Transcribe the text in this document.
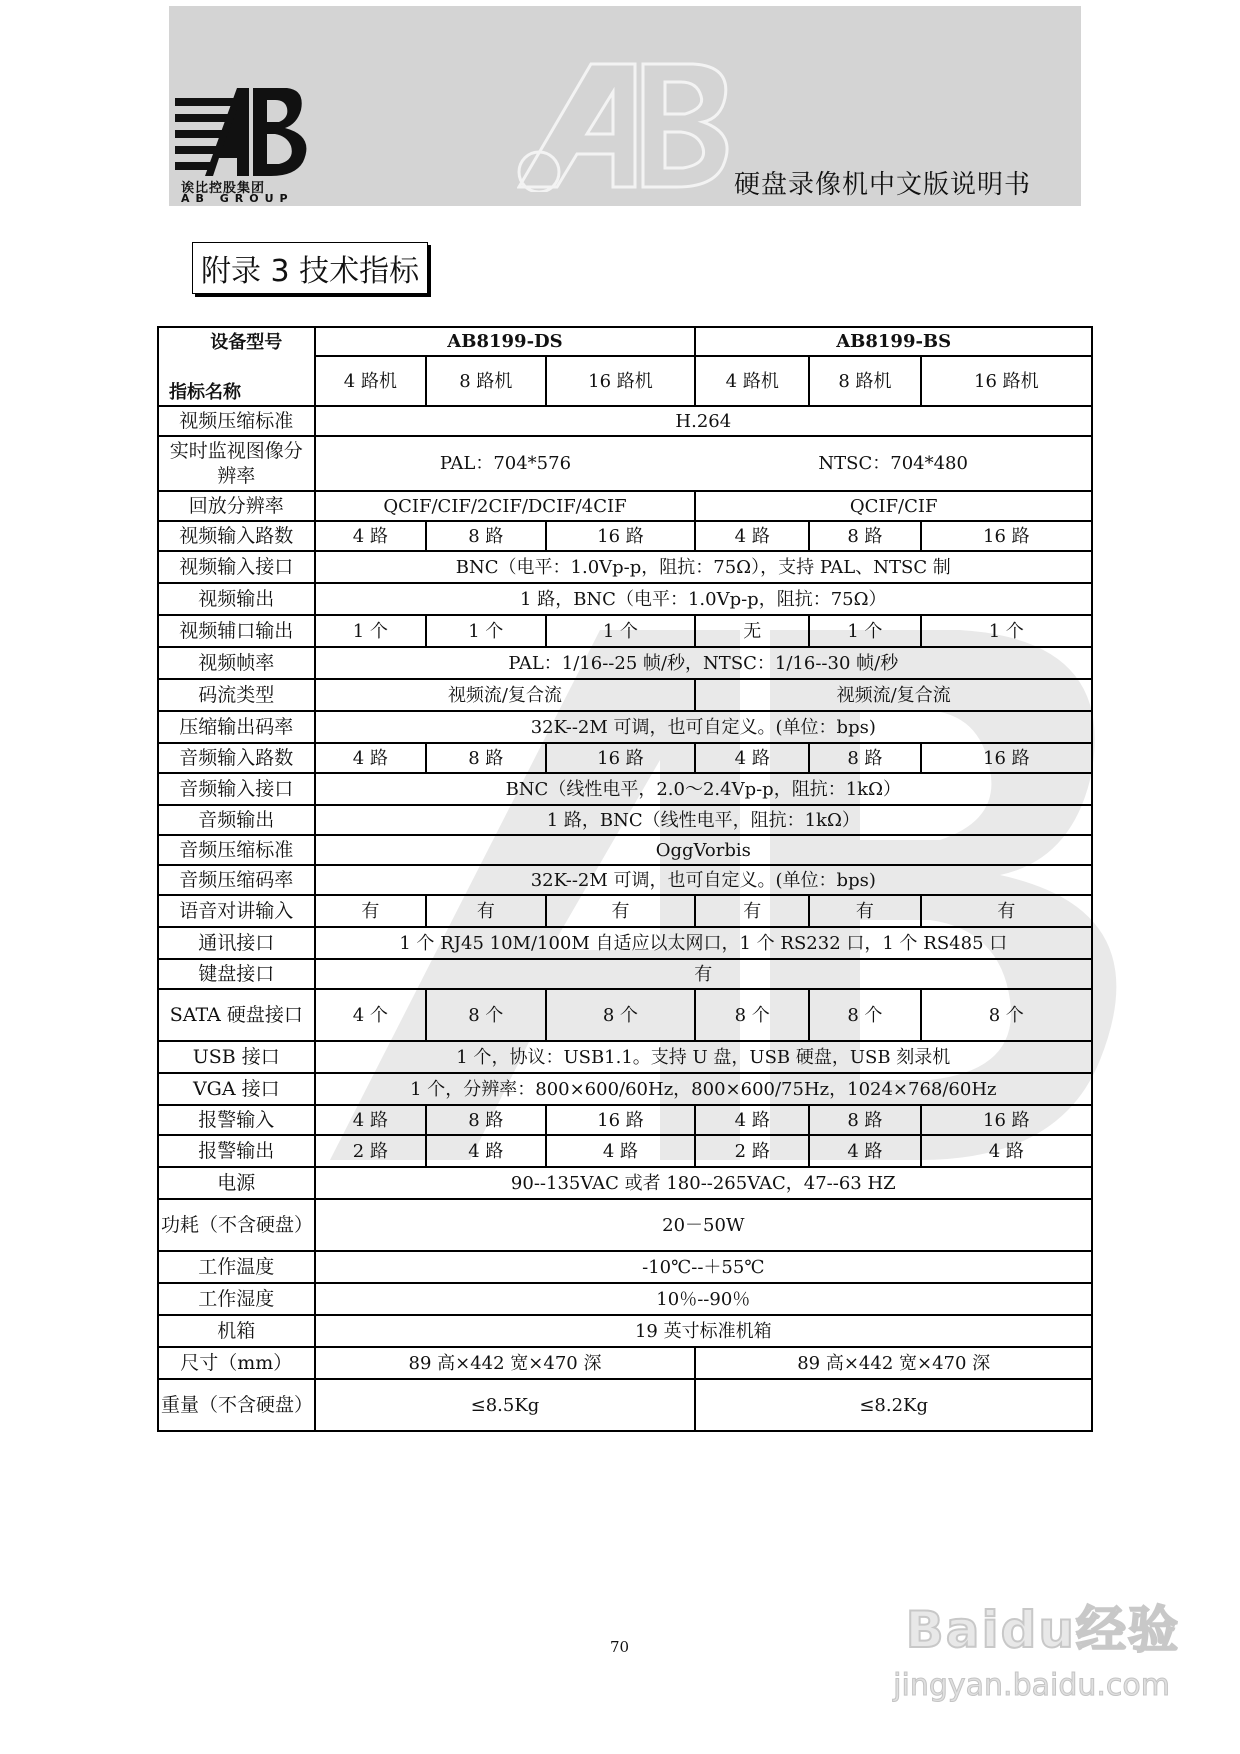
诶比控股集团
AB GROUP	硬盘录像机中文版说明书
附录 3 技术指标
设备型号
指标名称	AB8199-DS			AB8199-BS		
	4 路机	8 路机	16 路机	4 路机	8 路机	16 路机
视频压缩标准	H.264					
实时监视图像分辨率	PAL：704*576			NTSC：704*480		
回放分辨率	QCIF/CIF/2CIF/DCIF/4CIF			QCIF/CIF		
视频输入路数	4 路	8 路	16 路	4 路	8 路	16 路
视频输入接口	BNC（电平：1.0Vp-p，阻抗：75Ω），支持 PAL、NTSC 制					
视频输出	1 路，BNC（电平：1.0Vp-p，阻抗：75Ω）					
视频辅口输出	1 个	1 个	1 个	无	1 个	1 个
视频帧率	PAL：1/16--25 帧/秒，NTSC：1/16--30 帧/秒					
码流类型	视频流/复合流			视频流/复合流		
压缩输出码率	32K--2M 可调，也可自定义。(单位：bps)					
音频输入路数	4 路	8 路	16 路	4 路	8 路	16 路
音频输入接口	BNC（线性电平，2.0～2.4Vp-p，阻抗：1kΩ）					
音频输出	1 路，BNC（线性电平，阻抗：1kΩ）					
音频压缩标准	OggVorbis					
音频压缩码率	32K--2M 可调，也可自定义。(单位：bps)					
语音对讲输入	有	有	有	有	有	有
通讯接口	1 个 RJ45 10M/100M 自适应以太网口，1 个 RS232 口，1 个 RS485 口					
键盘接口	有					
SATA 硬盘接口	4 个	8 个	8 个	8 个	8 个	8 个
USB 接口	1 个，协议：USB1.1。支持 U 盘，USB 硬盘，USB 刻录机					
VGA 接口	1 个，分辨率：800×600/60Hz，800×600/75Hz，1024×768/60Hz					
报警输入	4 路	8 路	16 路	4 路	8 路	16 路
报警输出	2 路	4 路	4 路	2 路	4 路	4 路
电源	90--135VAC 或者 180--265VAC，47--63 HZ					
功耗（不含硬盘）	20－50W					
工作温度	-10℃--＋55℃					
工作湿度	10％--90％					
机箱	19 英寸标准机箱					
尺寸（mm）	89 高×442 宽×470 深			89 高×442 宽×470 深		
重量（不含硬盘）	≤8.5Kg			≤8.2Kg		
70	Baidu经验
jingyan.baidu.com
